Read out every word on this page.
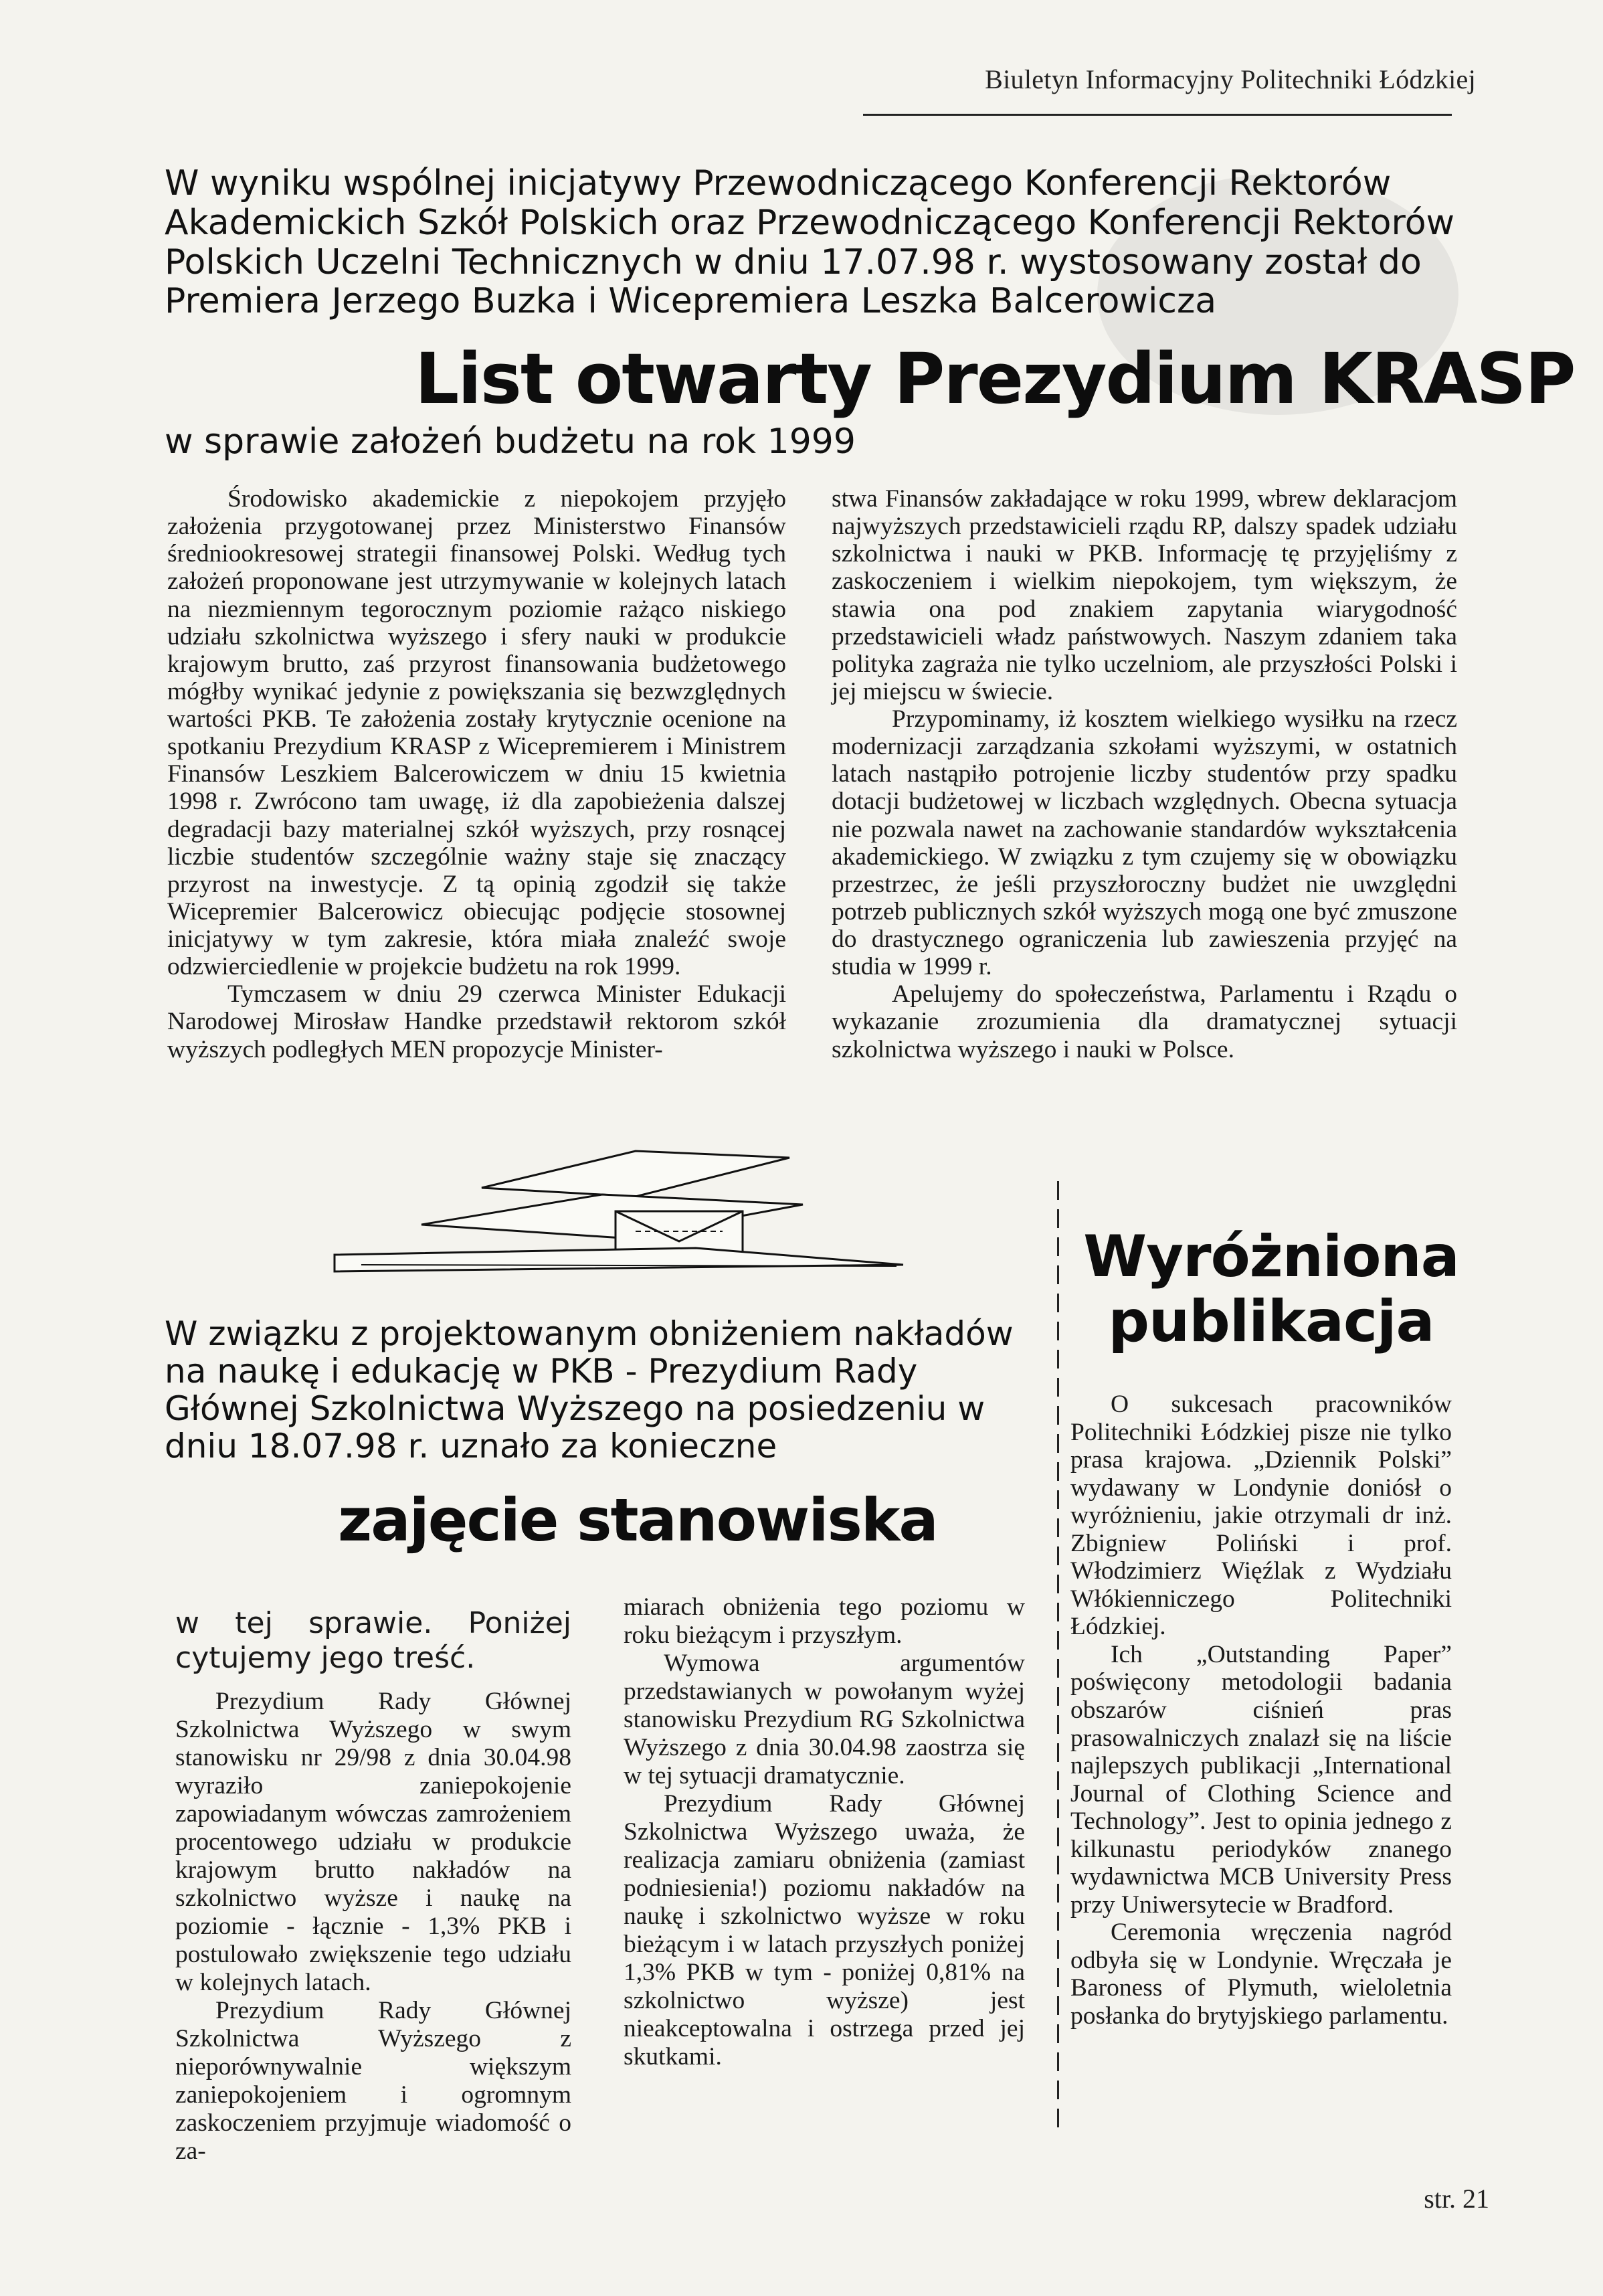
Biuletyn Informacyjny Politechniki Łódzkiej
W wyniku wspólnej inicjatywy Przewodniczącego Konferencji Rektorów Akademickich Szkół Polskich oraz Przewodniczącego Konferencji Rektorów Polskich Uczelni Technicznych w dniu 17.07.98 r. wystosowany został do Premiera Jerzego Buzka i Wicepremiera Leszka Balcerowicza
List otwarty Prezydium KRASP
w sprawie założeń budżetu na rok 1999

Środowisko akademickie z niepokojem przyjęło założenia przygotowanej przez Ministerstwo Finansów średniookresowej strategii finansowej Polski. Według tych założeń proponowane jest utrzymywanie w kolejnych latach na niezmiennym tegorocznym poziomie rażąco niskiego udziału szkolnictwa wyższego i sfery nauki w produkcie krajowym brutto, zaś przyrost finansowania budżetowego mógłby wynikać jedynie z powiększania się bezwzględnych wartości PKB. Te założenia zostały krytycznie ocenione na spotkaniu Prezydium KRASP z Wicepremierem i Ministrem Finansów Leszkiem Balcerowiczem w dniu 15 kwietnia 1998 r. Zwrócono tam uwagę, iż dla zapobieżenia dalszej degradacji bazy materialnej szkół wyższych, przy rosnącej liczbie studentów szczególnie ważny staje się znaczący przyrost na inwestycje. Z tą opinią zgodził się także Wicepremier Balcerowicz obiecując podjęcie stosownej inicjatywy w tym zakresie, która miała znaleźć swoje odzwierciedlenie w projekcie budżetu na rok 1999.

Tymczasem w dniu 29 czerwca Minister Edukacji Narodowej Mirosław Handke przedstawił rektorom szkół wyższych podległych MEN propozycje Minister-

stwa Finansów zakładające w roku 1999, wbrew deklaracjom najwyższych przedstawicieli rządu RP, dalszy spadek udziału szkolnictwa i nauki w PKB. Informację tę przyjęliśmy z zaskoczeniem i wielkim niepokojem, tym większym, że stawia ona pod znakiem zapytania wiarygodność przedstawicieli władz państwowych. Naszym zdaniem taka polityka zagraża nie tylko uczelniom, ale przyszłości Polski i jej miejscu w świecie.

Przypominamy, iż kosztem wielkiego wysiłku na rzecz modernizacji zarządzania szkołami wyższymi, w ostatnich latach nastąpiło potrojenie liczby studentów przy spadku dotacji budżetowej w liczbach względnych. Obecna sytuacja nie pozwala nawet na zachowanie standardów wykształcenia akademickiego. W związku z tym czujemy się w obowiązku przestrzec, że jeśli przyszłoroczny budżet nie uwzględni potrzeb publicznych szkół wyższych mogą one być zmuszone do drastycznego ograniczenia lub zawieszenia przyjęć na studia w 1999 r.

Apelujemy do społeczeństwa, Parlamentu i Rządu o wykazanie zrozumienia dla dramatycznej sytuacji szkolnictwa wyższego i nauki w Polsce.

W związku z projektowanym obniżeniem nakładów na naukę i edukację w PKB - Prezydium Rady Głównej Szkolnictwa Wyższego na posiedzeniu w dniu 18.07.98 r. uznało za konieczne
zajęcie stanowiska
w tej sprawie. Poniżej cytujemy jego treść.

Prezydium Rady Głównej Szkolnictwa Wyższego w swym stanowisku nr 29/98 z dnia 30.04.98 wyraziło zaniepokojenie zapowiadanym wówczas zamrożeniem procentowego udziału w produkcie krajowym brutto nakładów na szkolnictwo wyższe i naukę na poziomie - łącznie - 1,3% PKB i postulowało zwiększenie tego udziału w kolejnych latach.

Prezydium Rady Głównej Szkolnictwa Wyższego z nieporównywalnie większym zaniepokojeniem i ogromnym zaskoczeniem przyjmuje wiadomość o za-

miarach obniżenia tego poziomu w roku bieżącym i przyszłym.

Wymowa argumentów przedstawianych w powołanym wyżej stanowisku Prezydium RG Szkolnictwa Wyższego z dnia 30.04.98 zaostrza się w tej sytuacji dramatycznie.

Prezydium Rady Głównej Szkolnictwa Wyższego uważa, że realizacja zamiaru obniżenia (zamiast podniesienia!) poziomu nakładów na naukę i szkolnictwo wyższe w roku bieżącym i w latach przyszłych poniżej 1,3% PKB w tym - poniżej 0,81% na szkolnictwo wyższe) jest nieakceptowalna i ostrzega przed jej skutkami.

Wyróżniona
publikacja

O sukcesach pracowników Politechniki Łódzkiej pisze nie tylko prasa krajowa. „Dziennik Polski” wydawany w Londynie doniósł o wyróżnieniu, jakie otrzymali dr inż. Zbigniew Poliński i prof. Włodzimierz Więźlak z Wydziału Włókienniczego Politechniki Łódzkiej.

Ich „Outstanding Paper” poświęcony metodologii badania obszarów ciśnień pras prasowalniczych znalazł się na liście najlepszych publikacji „International Journal of Clothing Science and Technology”. Jest to opinia jednego z kilkunastu periodyków znanego wydawnictwa MCB University Press przy Uniwersytecie w Bradford.

Ceremonia wręczenia nagród odbyła się w Londynie. Wręczała je Baroness of Plymuth, wieloletnia posłanka do brytyjskiego parlamentu.

str. 21
